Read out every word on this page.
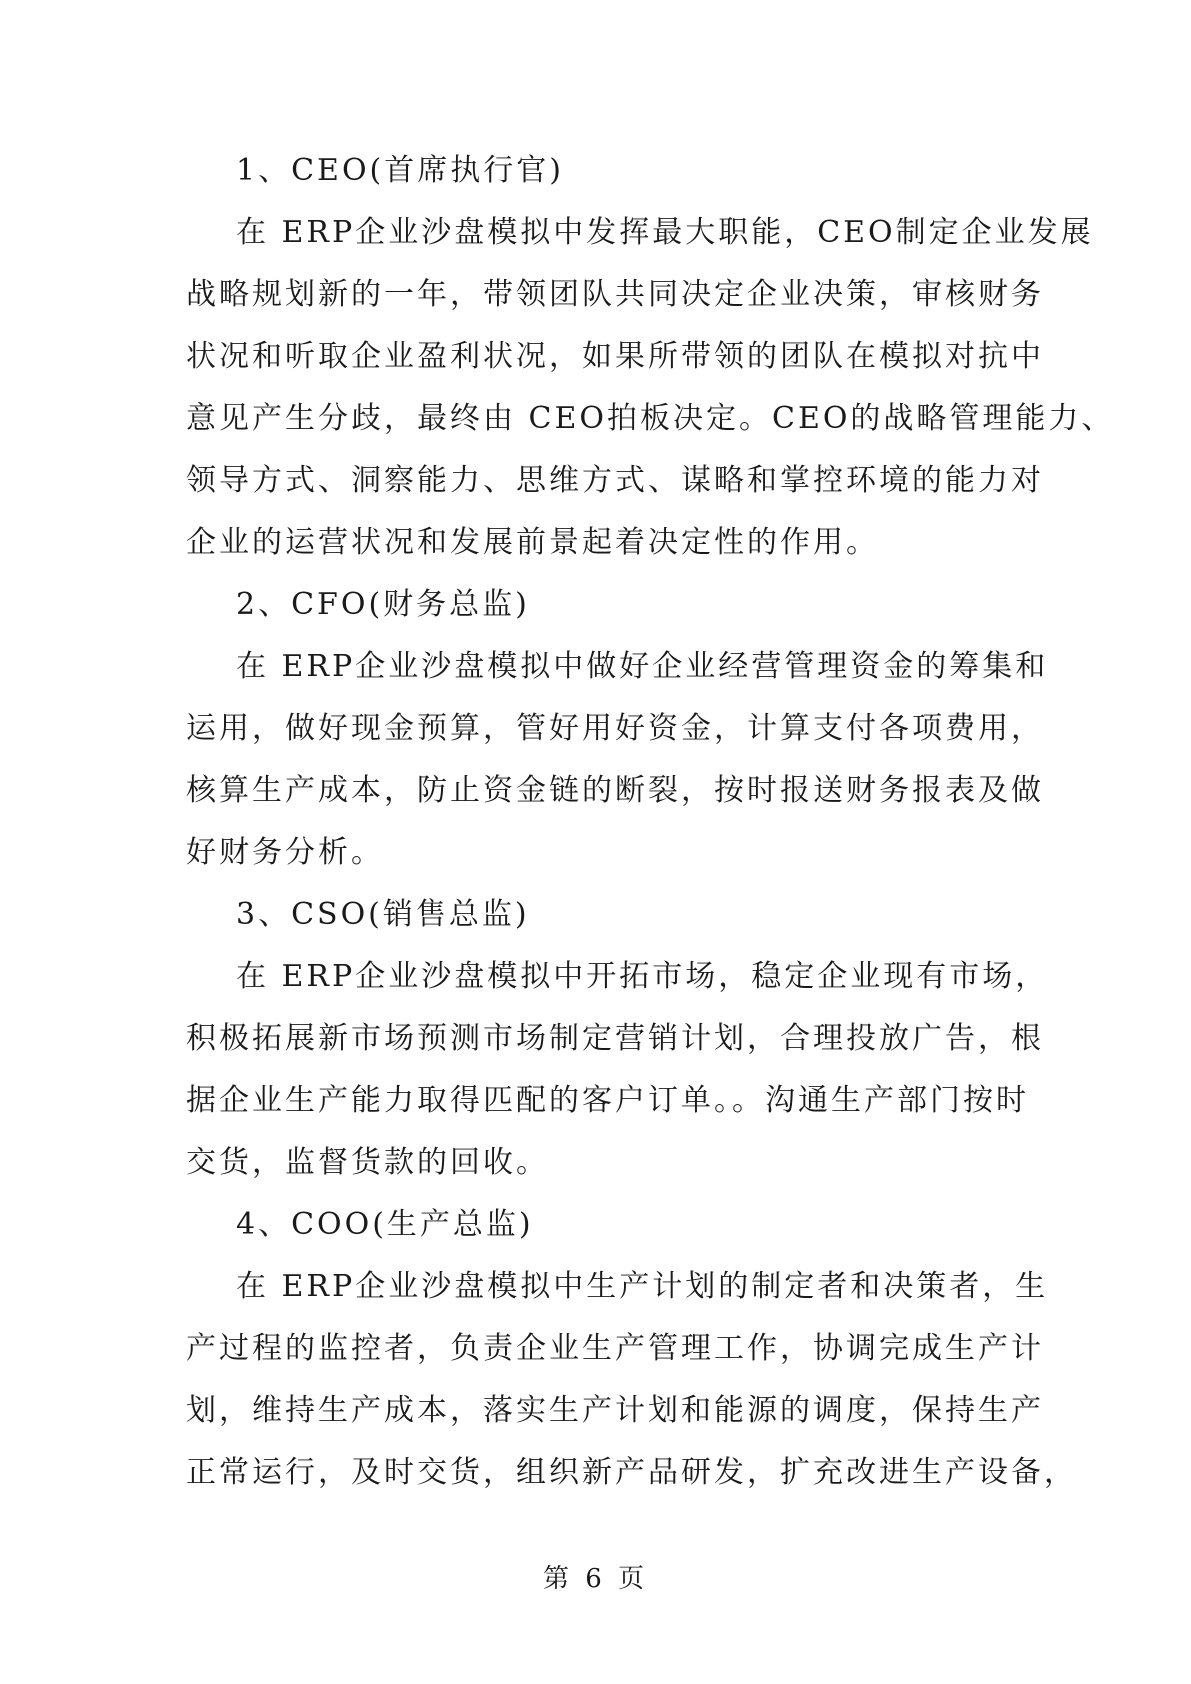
1、CEO(首席执行官)
在 ERP企业沙盘模拟中发挥最大职能，CEO制定企业发展
战略规划新的一年，带领团队共同决定企业决策，审核财务
状况和听取企业盈利状况，如果所带领的团队在模拟对抗中
意见产生分歧，最终由 CEO拍板决定。CEO的战略管理能力、
领导方式、洞察能力、思维方式、谋略和掌控环境的能力对
企业的运营状况和发展前景起着决定性的作用。
2、CFO(财务总监)
在 ERP企业沙盘模拟中做好企业经营管理资金的筹集和
运用，做好现金预算，管好用好资金，计算支付各项费用，
核算生产成本，防止资金链的断裂，按时报送财务报表及做
好财务分析。
3、CSO(销售总监)
在 ERP企业沙盘模拟中开拓市场，稳定企业现有市场，
积极拓展新市场预测市场制定营销计划，合理投放广告，根
据企业生产能力取得匹配的客户订单。。沟通生产部门按时
交货，监督货款的回收。
4、COO(生产总监)
在 ERP企业沙盘模拟中生产计划的制定者和决策者，生
产过程的监控者，负责企业生产管理工作，协调完成生产计
划，维持生产成本，落实生产计划和能源的调度，保持生产
正常运行，及时交货，组织新产品研发，扩充改进生产设备，
第 6 页
